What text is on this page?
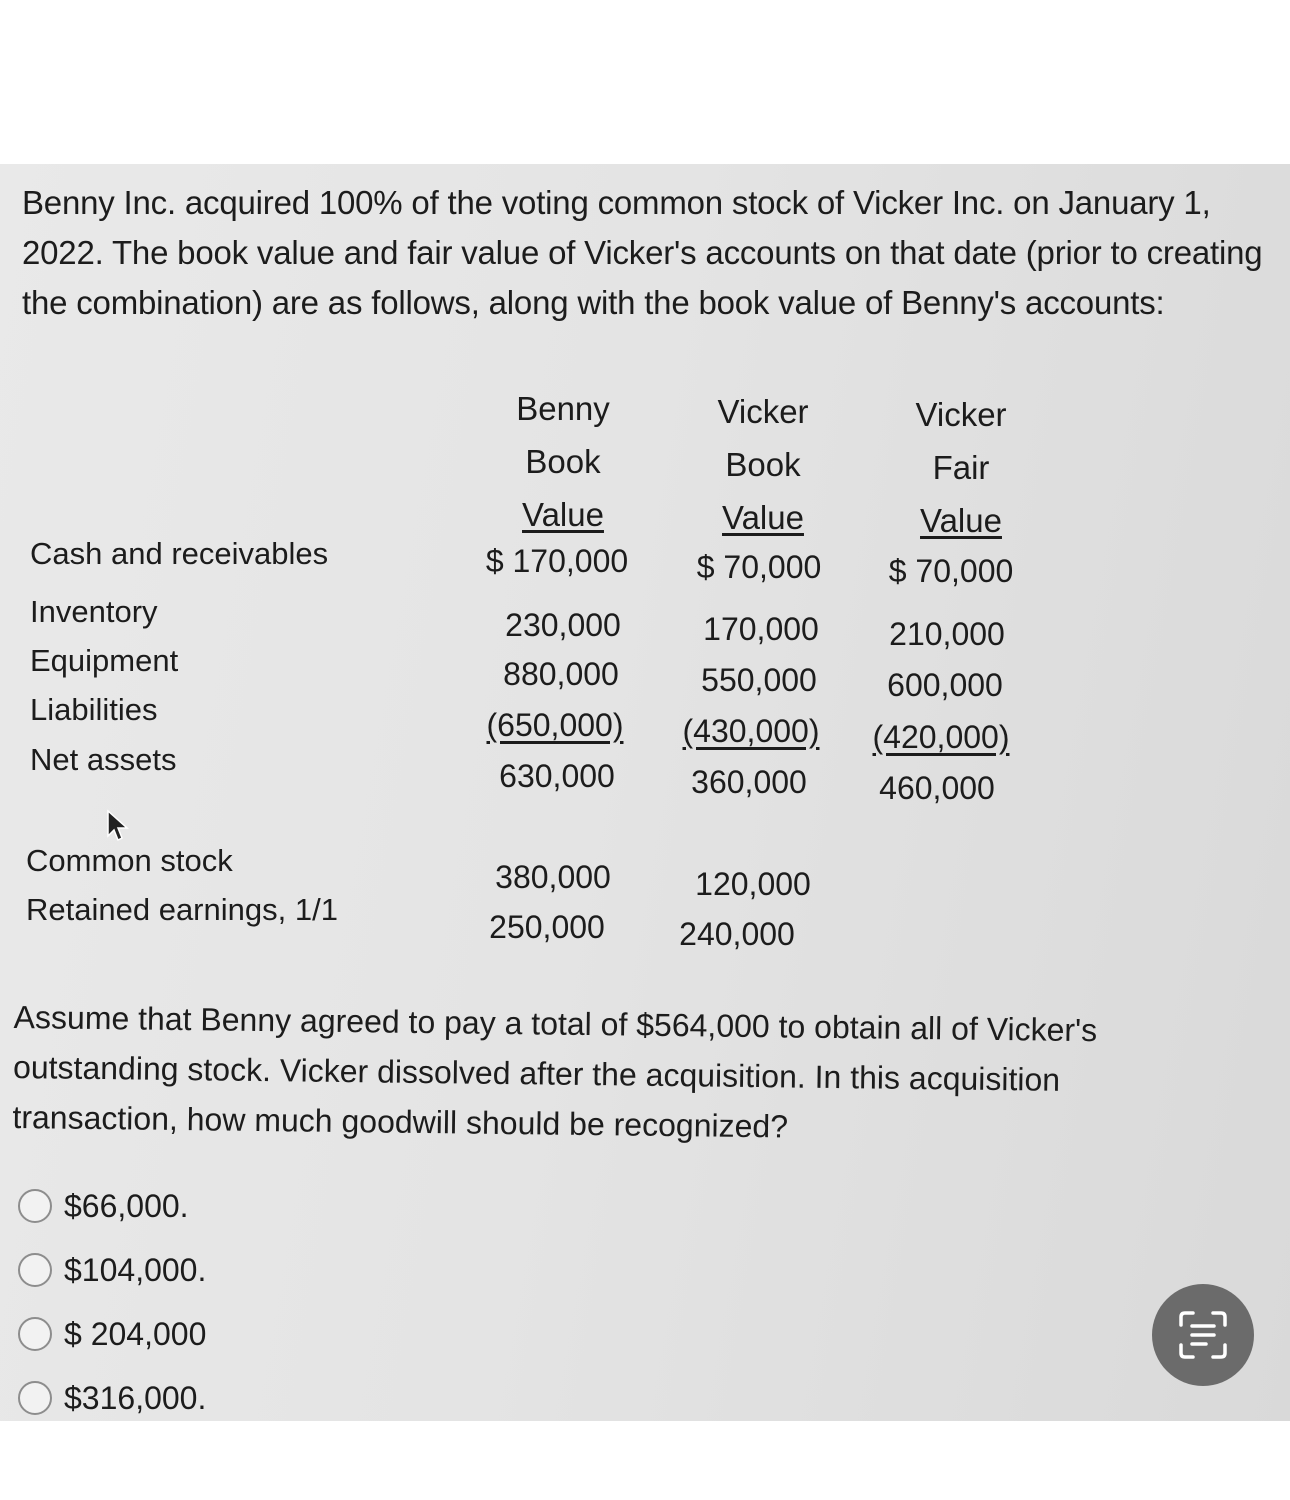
Benny Inc. acquired 100% of the voting common stock of Vicker Inc. on January 1, 2022. The book value and fair value of Vicker's accounts on that date (prior to creating the combination) are as follows, along with the book value of Benny's accounts:

Benny
Book
Value
Vicker
Book
Value
Vicker
Fair
Value
Cash and receivables	$ 170,000	$ 70,000	$ 70,000
Inventory	230,000	170,000	210,000
Equipment	880,000	550,000	600,000
Liabilities	(650,000)	(430,000)	(420,000)
Net assets	630,000	360,000	460,000
Common stock	380,000	120,000
Retained earnings, 1/1	250,000	240,000

Assume that Benny agreed to pay a total of $564,000 to obtain all of Vicker's outstanding stock. Vicker dissolved after the acquisition. In this acquisition transaction, how much goodwill should be recognized?

$66,000.
$104,000.
$ 204,000
$316,000.
